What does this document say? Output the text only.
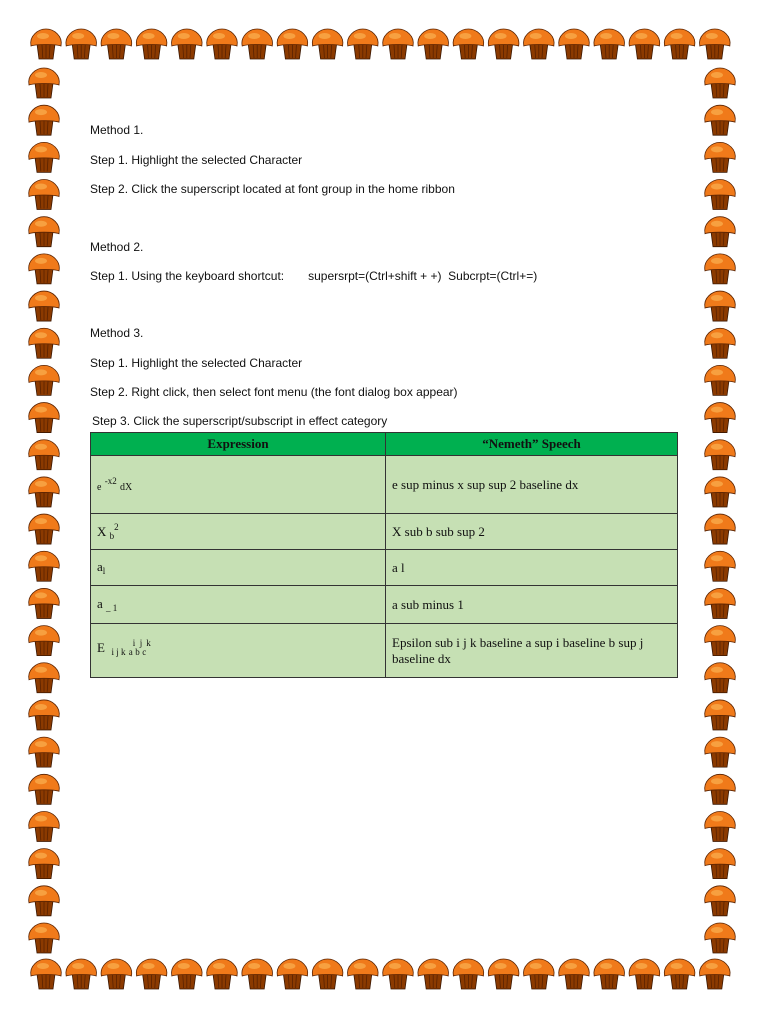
Method 1.
Step 1. Highlight the selected Character
Step 2. Click the superscript located at font group in the home ribbon
Method 2.
Step 1. Using the keyboard shortcut: supersrpt=(Ctrl+shift + +) Subcrpt=(Ctrl+=)
Method 3.
Step 1. Highlight the selected Character
Step 2. Right click, then select font menu (the font dialog box appear)
Step 3. Click the superscript/subscript in effect category
Expression	“Nemeth” Speech
e $^{-x2}$ dX	e sup minus x sup sup 2 baseline dx
X $_b^2$	X sub b sub sup 2
$a_l$	a l
a $_{\_ 1}$	a sub minus 1
E $_{i j k}$ $_a^i_b^j_c^k$	Epsilon sub i j k baseline a sup i baseline b sup j baseline dx
